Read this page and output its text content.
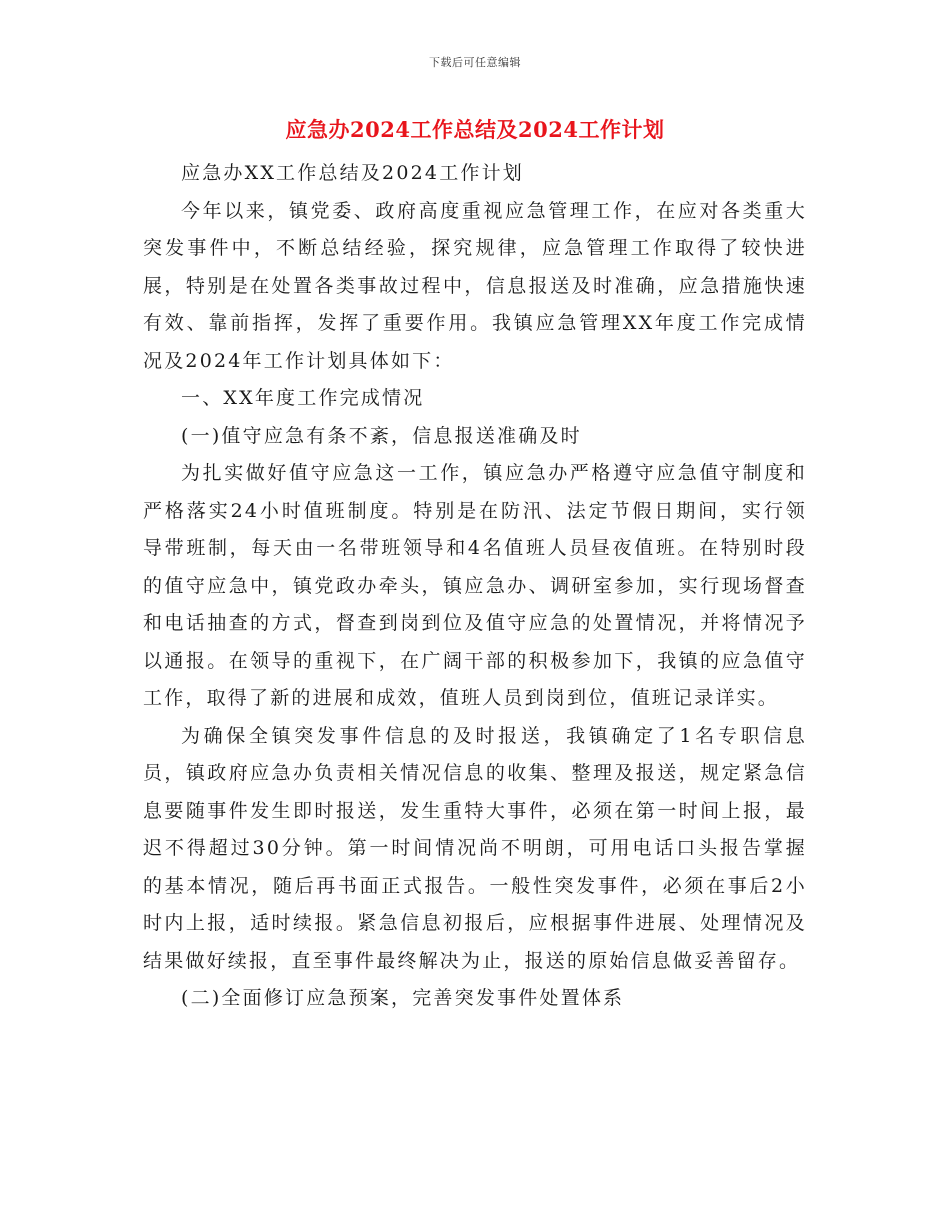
下载后可任意编辑
应急办2024工作总结及2024工作计划

应急办XX工作总结及2024工作计划

今年以来，镇党委、政府高度重视应急管理工作，在应对各类重大突发事件中，不断总结经验，探究规律，应急管理工作取得了较快进展，特别是在处置各类事故过程中，信息报送及时准确，应急措施快速有效、靠前指挥，发挥了重要作用。我镇应急管理XX年度工作完成情况及2024年工作计划具体如下：

一、XX年度工作完成情况

(一)值守应急有条不紊，信息报送准确及时

为扎实做好值守应急这一工作，镇应急办严格遵守应急值守制度和严格落实24小时值班制度。特别是在防汛、法定节假日期间，实行领导带班制，每天由一名带班领导和4名值班人员昼夜值班。在特别时段的值守应急中，镇党政办牵头，镇应急办、调研室参加，实行现场督查和电话抽查的方式，督查到岗到位及值守应急的处置情况，并将情况予以通报。在领导的重视下，在广阔干部的积极参加下，我镇的应急值守工作，取得了新的进展和成效，值班人员到岗到位，值班记录详实。

为确保全镇突发事件信息的及时报送，我镇确定了1名专职信息员，镇政府应急办负责相关情况信息的收集、整理及报送，规定紧急信息要随事件发生即时报送，发生重特大事件，必须在第一时间上报，最迟不得超过30分钟。第一时间情况尚不明朗，可用电话口头报告掌握的基本情况，随后再书面正式报告。一般性突发事件，必须在事后2小时内上报，适时续报。紧急信息初报后，应根据事件进展、处理情况及结果做好续报，直至事件最终解决为止，报送的原始信息做妥善留存。

(二)全面修订应急预案，完善突发事件处置体系
